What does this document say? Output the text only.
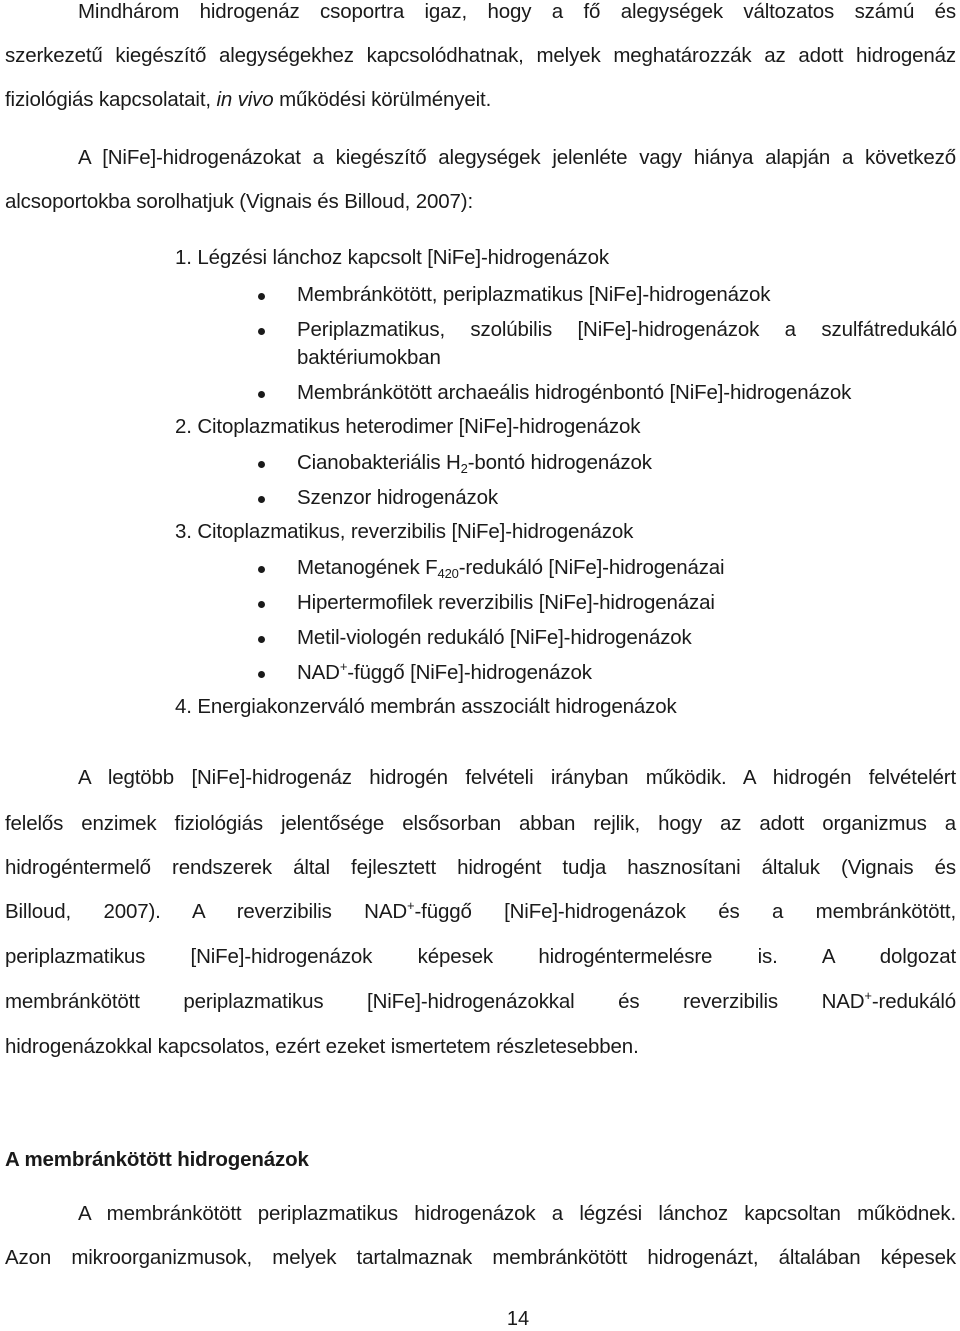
Mindhárom hidrogenáz csoportra igaz, hogy a fő alegységek változatos számú és
szerkezetű kiegészítő alegységekhez kapcsolódhatnak, melyek meghatározzák az adott hidrogenáz
fiziológiás kapcsolatait, in vivo működési körülményeit.
A [NiFe]-hidrogenázokat a kiegészítő alegységek jelenléte vagy hiánya alapján a következő
alcsoportokba sorolhatjuk (Vignais és Billoud, 2007):
1. Légzési lánchoz kapcsolt [NiFe]-hidrogenázok
Membránkötött, periplazmatikus [NiFe]-hidrogenázok
Periplazmatikus, szolúbilis [NiFe]-hidrogenázok a szulfátredukáló
baktériumokban
Membránkötött archaeális hidrogénbontó [NiFe]-hidrogenázok
2. Citoplazmatikus heterodimer [NiFe]-hidrogenázok
Cianobakteriális $H_2$-bontó hidrogenázok
Szenzor hidrogenázok
3. Citoplazmatikus, reverzibilis [NiFe]-hidrogenázok
Metanogének $F_{420}$-redukáló [NiFe]-hidrogenázai
Hipertermofilek reverzibilis [NiFe]-hidrogenázai
Metil-viologén redukáló [NiFe]-hidrogenázok
NAD+-függő [NiFe]-hidrogenázok
4. Energiakonzerváló membrán asszociált hidrogenázok
A legtöbb [NiFe]-hidrogenáz hidrogén felvételi irányban működik. A hidrogén felvételért
felelős enzimek fiziológiás jelentősége elsősorban abban rejlik, hogy az adott organizmus a
hidrogéntermelő rendszerek által fejlesztett hidrogént tudja hasznosítani általuk (Vignais és
Billoud, 2007). A reverzibilis NAD+-függő [NiFe]-hidrogenázok és a membránkötött,
periplazmatikus [NiFe]-hidrogenázok képesek hidrogéntermelésre is. A dolgozat
membránkötött periplazmatikus [NiFe]-hidrogenázokkal és reverzibilis NAD+-redukáló
hidrogenázokkal kapcsolatos, ezért ezeket ismertetem részletesebben.
A membránkötött hidrogenázok
A membránkötött periplazmatikus hidrogenázok a légzési lánchoz kapcsoltan működnek.
Azon mikroorganizmusok, melyek tartalmaznak membránkötött hidrogenázt, általában képesek
14
